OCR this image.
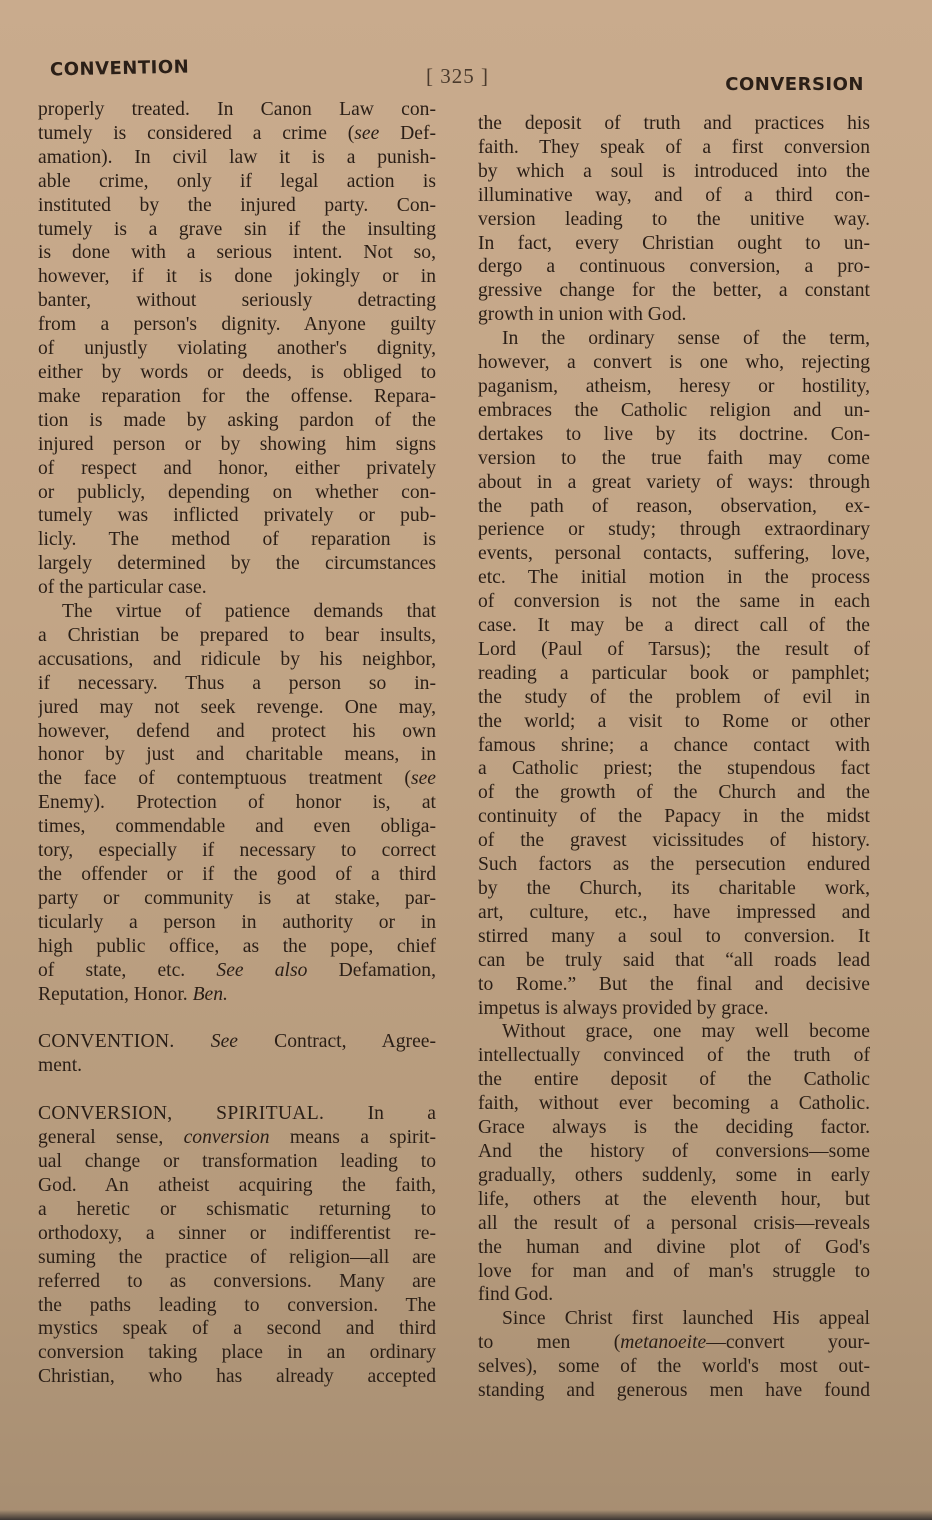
CONVENTION	[ 325 ]	CONVERSION
properly treated. In Canon Law con-
tumely is considered a crime (see Def-
amation). In civil law it is a punish-
able crime, only if legal action is
instituted by the injured party. Con-
tumely is a grave sin if the insulting
is done with a serious intent. Not so,
however, if it is done jokingly or in
banter, without seriously detracting
from a person's dignity. Anyone guilty
of unjustly violating another's dignity,
either by words or deeds, is obliged to
make reparation for the offense. Repara-
tion is made by asking pardon of the
injured person or by showing him signs
of respect and honor, either privately
or publicly, depending on whether con-
tumely was inflicted privately or pub-
licly. The method of reparation is
largely determined by the circumstances
of the particular case.
The virtue of patience demands that
a Christian be prepared to bear insults,
accusations, and ridicule by his neighbor,
if necessary. Thus a person so in-
jured may not seek revenge. One may,
however, defend and protect his own
honor by just and charitable means, in
the face of contemptuous treatment (see
Enemy). Protection of honor is, at
times, commendable and even obliga-
tory, especially if necessary to correct
the offender or if the good of a third
party or community is at stake, par-
ticularly a person in authority or in
high public office, as the pope, chief
of state, etc. See also Defamation,
Reputation, Honor. Ben.
CONVENTION. See Contract, Agree-
ment.
CONVERSION, SPIRITUAL. In a
general sense, conversion means a spirit-
ual change or transformation leading to
God. An atheist acquiring the faith,
a heretic or schismatic returning to
orthodoxy, a sinner or indifferentist re-
suming the practice of religion—all are
referred to as conversions. Many are
the paths leading to conversion. The
mystics speak of a second and third
conversion taking place in an ordinary
Christian, who has already accepted
the deposit of truth and practices his
faith. They speak of a first conversion
by which a soul is introduced into the
illuminative way, and of a third con-
version leading to the unitive way.
In fact, every Christian ought to un-
dergo a continuous conversion, a pro-
gressive change for the better, a constant
growth in union with God.
In the ordinary sense of the term,
however, a convert is one who, rejecting
paganism, atheism, heresy or hostility,
embraces the Catholic religion and un-
dertakes to live by its doctrine. Con-
version to the true faith may come
about in a great variety of ways: through
the path of reason, observation, ex-
perience or study; through extraordinary
events, personal contacts, suffering, love,
etc. The initial motion in the process
of conversion is not the same in each
case. It may be a direct call of the
Lord (Paul of Tarsus); the result of
reading a particular book or pamphlet;
the study of the problem of evil in
the world; a visit to Rome or other
famous shrine; a chance contact with
a Catholic priest; the stupendous fact
of the growth of the Church and the
continuity of the Papacy in the midst
of the gravest vicissitudes of history.
Such factors as the persecution endured
by the Church, its charitable work,
art, culture, etc., have impressed and
stirred many a soul to conversion. It
can be truly said that “all roads lead
to Rome.” But the final and decisive
impetus is always provided by grace.
Without grace, one may well become
intellectually convinced of the truth of
the entire deposit of the Catholic
faith, without ever becoming a Catholic.
Grace always is the deciding factor.
And the history of conversions—some
gradually, others suddenly, some in early
life, others at the eleventh hour, but
all the result of a personal crisis—reveals
the human and divine plot of God's
love for man and of man's struggle to
find God.
Since Christ first launched His appeal
to men (metanoeite—convert your-
selves), some of the world's most out-
standing and generous men have found
